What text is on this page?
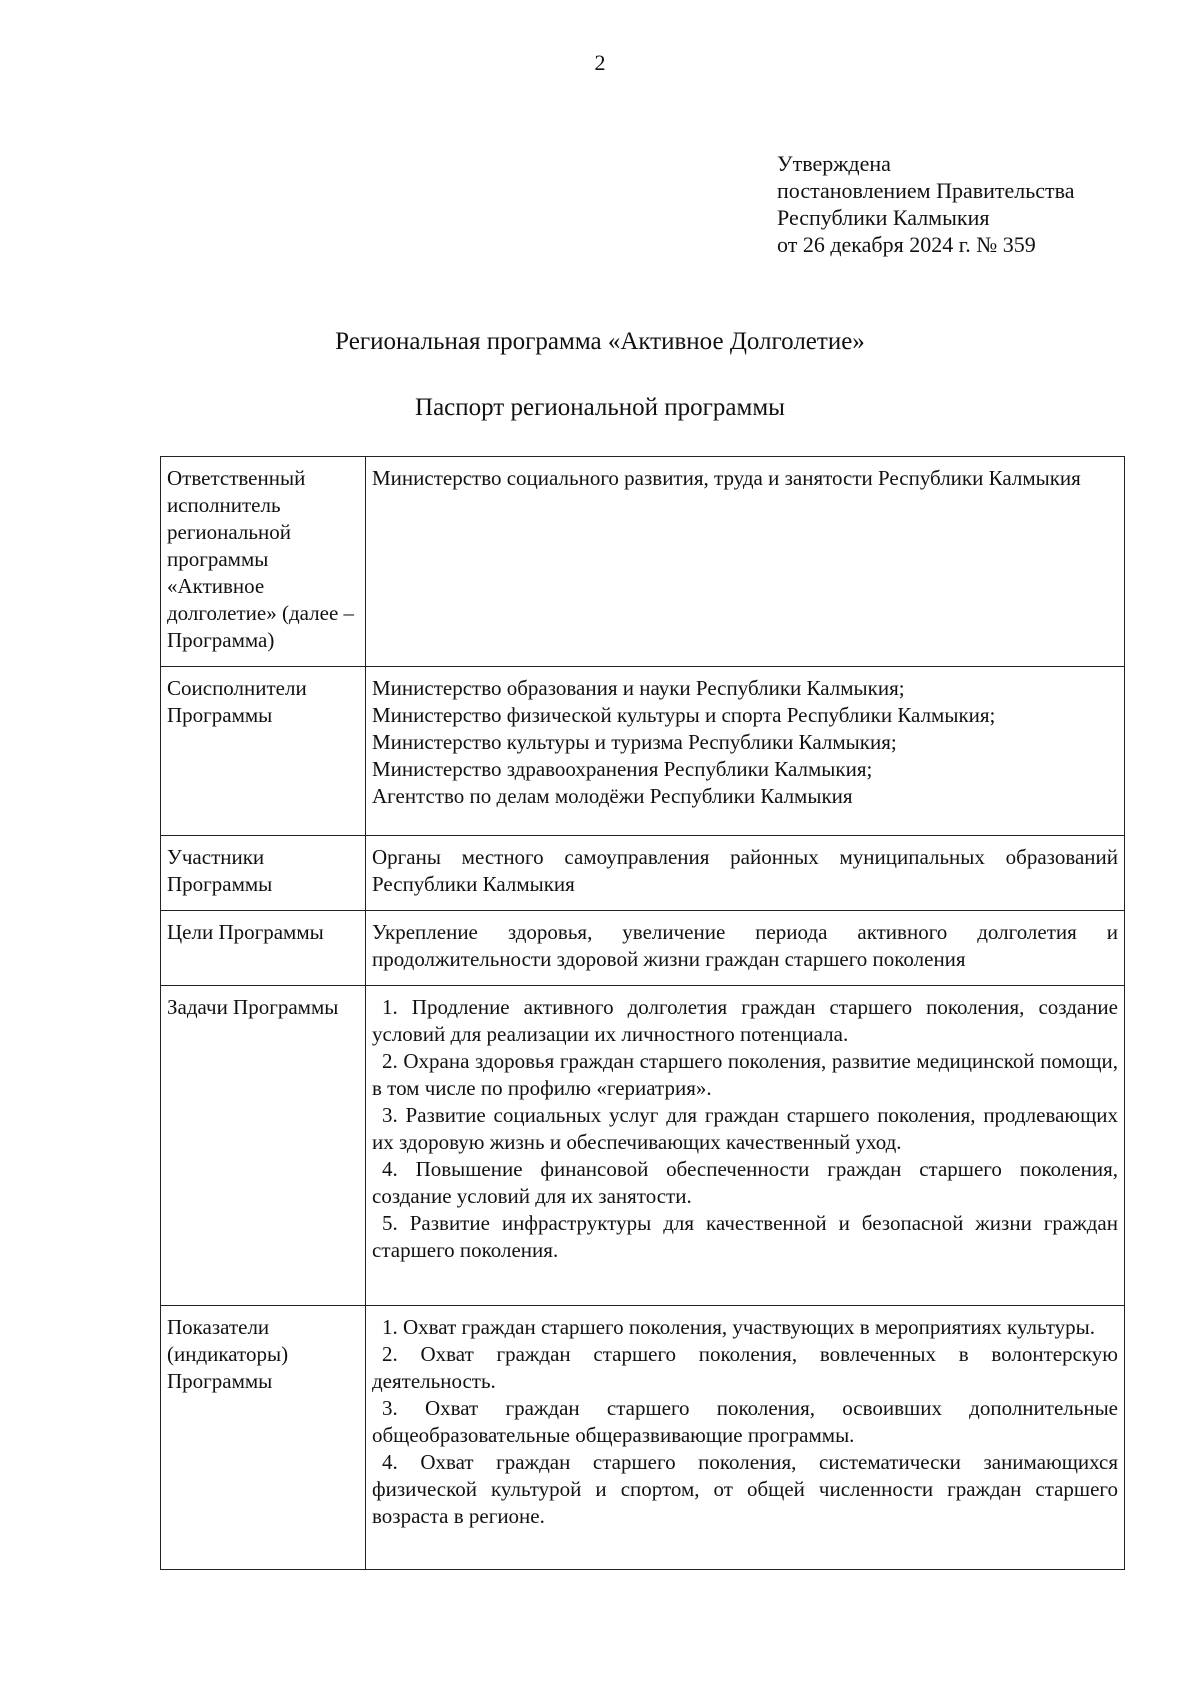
2
Утверждена
постановлением Правительства
Республики Калмыкия
от 26 декабря 2024 г. № 359
Региональная программа «Активное Долголетие»
Паспорт региональной программы
Ответственный исполнитель региональной программы «Активное долголетие» (далее – Программа)	Министерство социального развития, труда и занятости Республики Калмыкия
Соисполнители Программы	Министерство образования и науки Республики Калмыкия;
Министерство физической культуры и спорта Республики Калмыкия;
Министерство культуры и туризма Республики Калмыкия;
Министерство здравоохранения Республики Калмыкия;
Агентство по делам молодёжи Республики Калмыкия

Участники Программы	Органы местного самоуправления районных муниципальных образований Республики Калмыкия
Цели Программы	Укрепление здоровья, увеличение периода активного долголетия и продолжительности здоровой жизни граждан старшего поколения
Задачи Программы	1. Продление активного долголетия граждан старшего поколения, создание условий для реализации их личностного потенциала.
2. Охрана здоровья граждан старшего поколения, развитие медицинской помощи, в том числе по профилю «гериатрия».
3. Развитие социальных услуг для граждан старшего поколения, продлевающих их здоровую жизнь и обеспечивающих качественный уход.
4. Повышение финансовой обеспеченности граждан старшего поколения, создание условий для их занятости.
5. Развитие инфраструктуры для качественной и безопасной жизни граждан старшего поколения.

Показатели (индикаторы) Программы	1. Охват граждан старшего поколения, участвующих в мероприятиях культуры.
2. Охват граждан старшего поколения, вовлеченных в волонтерскую деятельность.
3. Охват граждан старшего поколения, освоивших дополнительные общеобразовательные общеразвивающие программы.
4. Охват граждан старшего поколения, систематически занимающихся физической культурой и спортом, от общей численности граждан старшего возраста в регионе.
